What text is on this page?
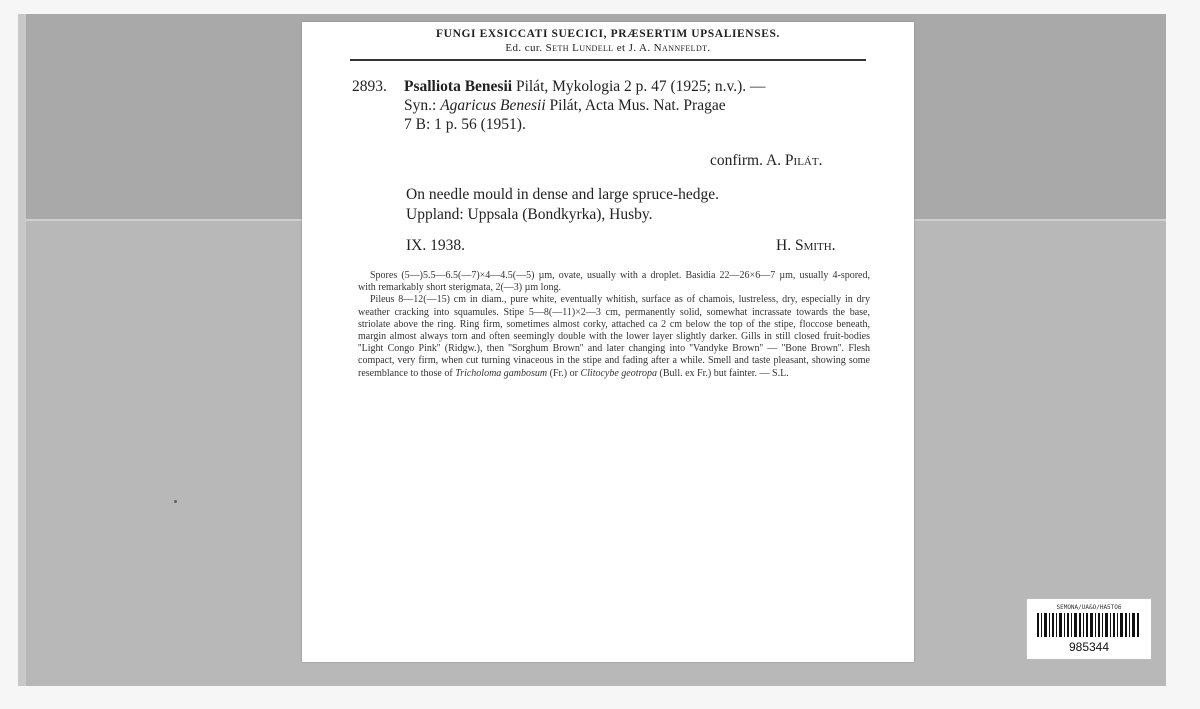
FUNGI EXSICCATI SUECICI, PRÆSERTIM UPSALIENSES.
Ed. cur. Seth Lundell et J. A. Nannfeldt.
2893. Psalliota Benesii Pilát, Mykologia 2 p. 47 (1925; n.v.). —
Syn.: Agaricus Benesii Pilát, Acta Mus. Nat. Pragae
7 B: 1 p. 56 (1951).
confirm. A. Pilát.
On needle mould in dense and large spruce-hedge.
Uppland: Uppsala (Bondkyrka), Husby.
IX. 1938.	H. Smith.

Spores (5—)5.5—6.5(—7)×4—4.5(—5) µm, ovate, usually with a droplet. Basidia 22—26×6—7 µm, usually 4-spored, with remarkably short sterigmata, 2(—3) µm long.

Pileus 8—12(—15) cm in diam., pure white, eventually whitish, surface as of chamois, lustreless, dry, especially in dry weather cracking into squamules. Stipe 5—8(—11)×2—3 cm, permanently solid, somewhat incrassate towards the base, striolate above the ring. Ring firm, sometimes almost corky, attached ca 2 cm below the top of the stipe, floccose beneath, margin almost always torn and often seemingly double with the lower layer slightly darker. Gills in still closed fruit-bodies ''Light Congo Pink'' (Ridgw.), then ''Sorghum Brown'' and later changing into ''Vandyke Brown'' — ''Bone Brown''. Flesh compact, very firm, when cut turning vinaceous in the stipe and fading after a while. Smell and taste pleasant, showing some resemblance to those of Tricholoma gambosum (Fr.) or Clitocybe geotropa (Bull. ex Fr.) but fainter. — S.L.

SEMONA/UA&O/HA5TO6
985344
